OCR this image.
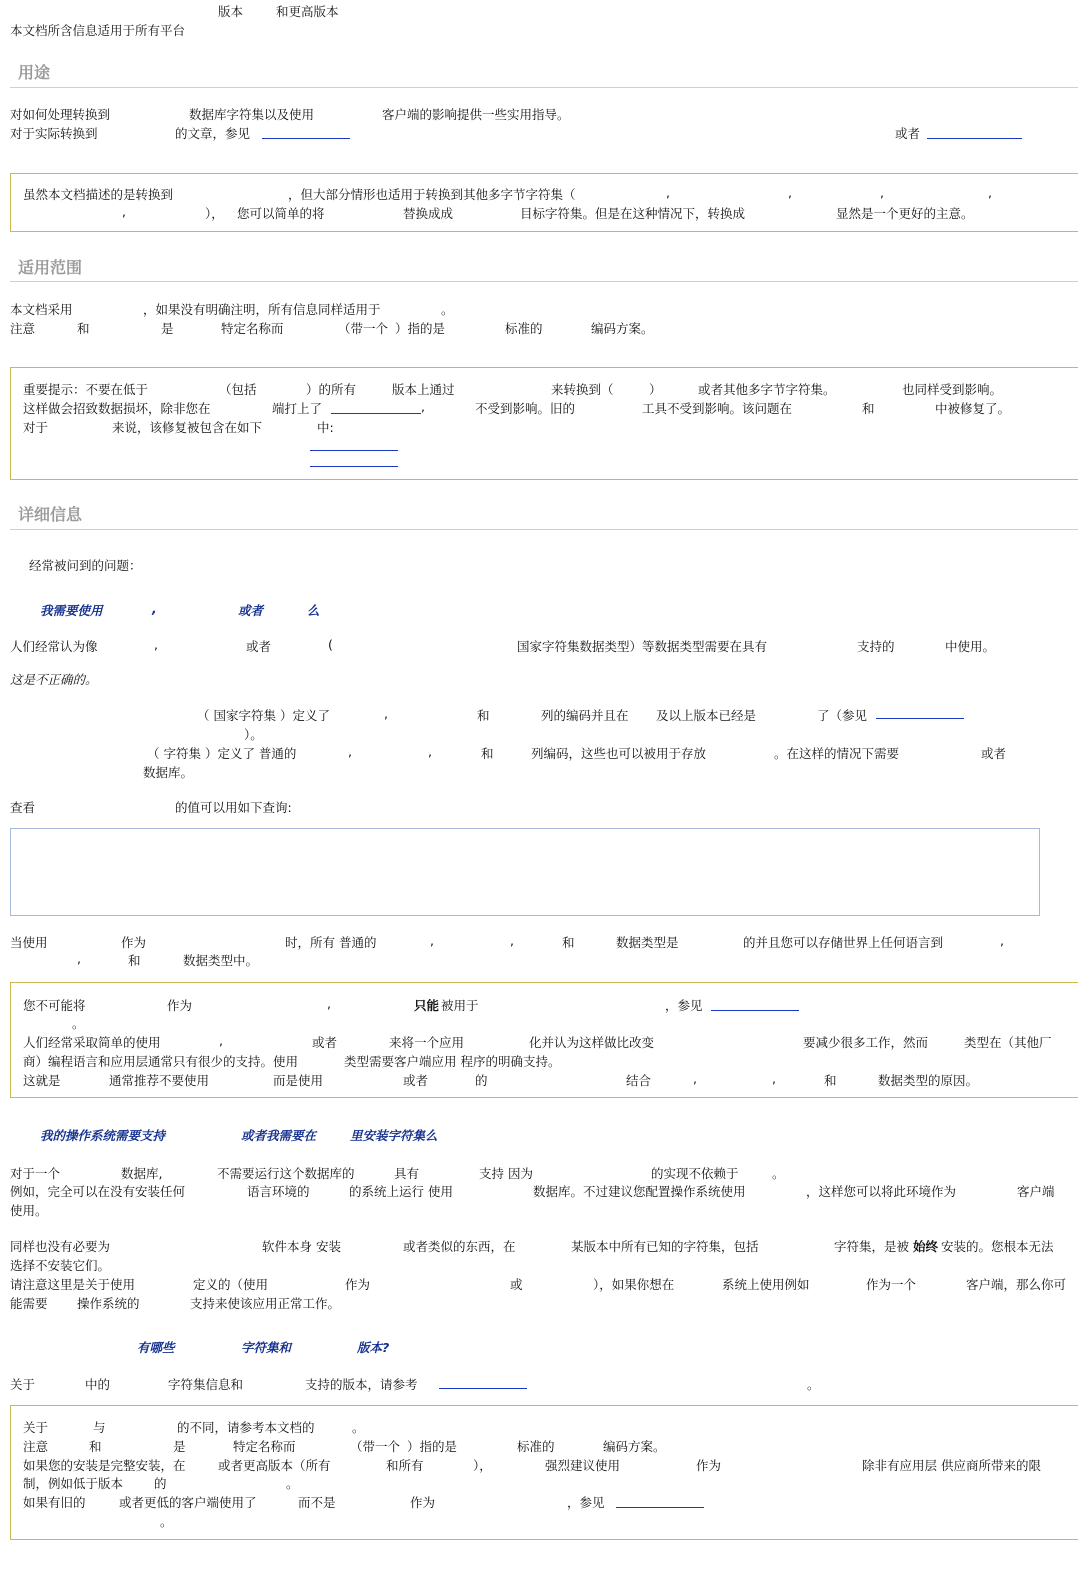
版本	和更高版本
本文档所含信息适用于所有平台
用途
对如何处理转换到	数据库字符集以及使用	客户端的影响提供一些实用指导。
对于实际转换到	的文章，参见	或者
虽然本文档描述的是转换到	，但大部分情形也适用于转换到其他多字节字符集（	,	,	,	,
,	）， 您可以简单的将	替换成成	目标字符集。但是在这种情况下，转换成	显然是一个更好的主意。
适用范围
本文档采用	，如果没有明确注明，所有信息同样适用于	。
注意	和	是	特定名称而	（带一个 ）指的是	标准的	编码方案。
重要提示：不要在低于	（包括	）的所有	版本上通过	来转换到（	）	或者其他多字节字符集。	也同样受到影响。
这样做会招致数据损坏，除非您在	端打上了	,	不受到影响。旧的	工具不受到影响。该问题在	和	中被修复了。
对于	来说，该修复被包含在如下	中:
详细信息
经常被问到的问题：
我需要使用	,	或者	么
人们经常认为像	,	或者	(	国家字符集数据类型）等数据类型需要在具有	支持的	中使用。
这是不正确的。
（ 国家字符集 ）定义了	,	和	列的编码并且在 及以上版本已经是	了（参见
）。
（ 字符集 ）定义了 普通的	,	,	和	列编码，这些也可以被用于存放	。在这样的情况下需要	或者
数据库。
查看	的值可以用如下查询:
当使用	作为	时，所有 普通的	,	,	和	数据类型是	的并且您可以存储世界上任何语言到	,
,	和	数据类型中。
您不可能将	作为	,	只能 被用于	，参见
。
人们经常采取简单的使用	,	或者	来将一个应用	化并认为这样做比改变	要减少很多工作，然而	类型在（其他厂
商）编程语言和应用层通常只有很少的支持。使用	类型需要客户端应用 程序的明确支持。
这就是	通常推荐不要使用	而是使用	或者	的	结合	,	,	和	数据类型的原因。
我的操作系统需要支持	或者我需要在	里安装字符集么
对于一个	数据库,	不需要运行这个数据库的	具有	支持 因为	的实现不依赖于	。
例如，完全可以在没有安装任何	语言环境的	的系统上运行 使用	数据库。不过建议您配置操作系统使用	，这样您可以将此环境作为	客户端
使用。
同样也没有必要为	软件本身 安装	或者类似的东西，在	某版本中所有已知的字符集，包括	字符集，是被 始终 安装的。您根本无法
选择不安装它们。
请注意这里是关于使用	定义的（使用	作为	或	），如果你想在	系统上使用例如	作为一个	客户端，那么你可
能需要 操作系统的	支持来使该应用正常工作。
有哪些	字符集和	版本?
关于	中的	字符集信息和	支持的版本，请参考	。
关于	与	的不同，请参考本文档的	。
注意	和	是	特定名称而	（带一个 ）指的是	标准的	编码方案。
如果您的安装是完整安装，在	或者更高版本（所有	和所有	），	强烈建议使用	作为	除非有应用层 供应商所带来的限
制，例如低于版本 的	。
如果有旧的	或者更低的客户端使用了	而不是	作为	，参见
。
